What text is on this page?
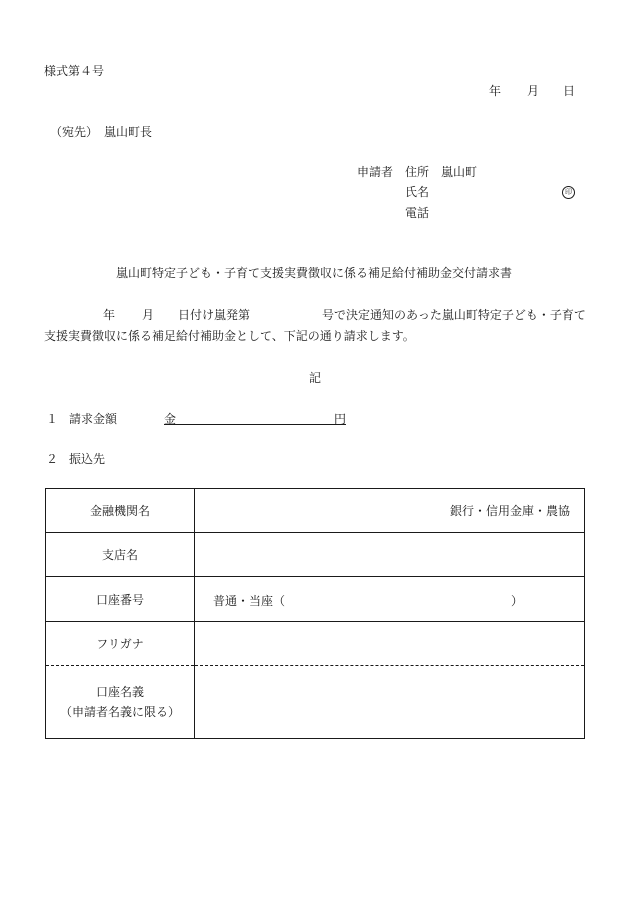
様式第４号
年 月 日
（宛先） 嵐山町長
申請者 住所 嵐山町
氏名	印
電話
嵐山町特定子ども・子育て支援実費徴収に係る補足給付補助金交付請求書
年 月 日付け嵐発第	号で決定通知のあった嵐山町特定子ども・子育て
支援実費徴収に係る補足給付補助金として、下記の通り請求します。
記
１ 請求金額	金	円
２ 振込先
金融機関名	銀行・信用金庫・農協
支店名	
口座番号	普通・当座（ ）

フリガナ	

口座名義
（申請者名義に限る）	
